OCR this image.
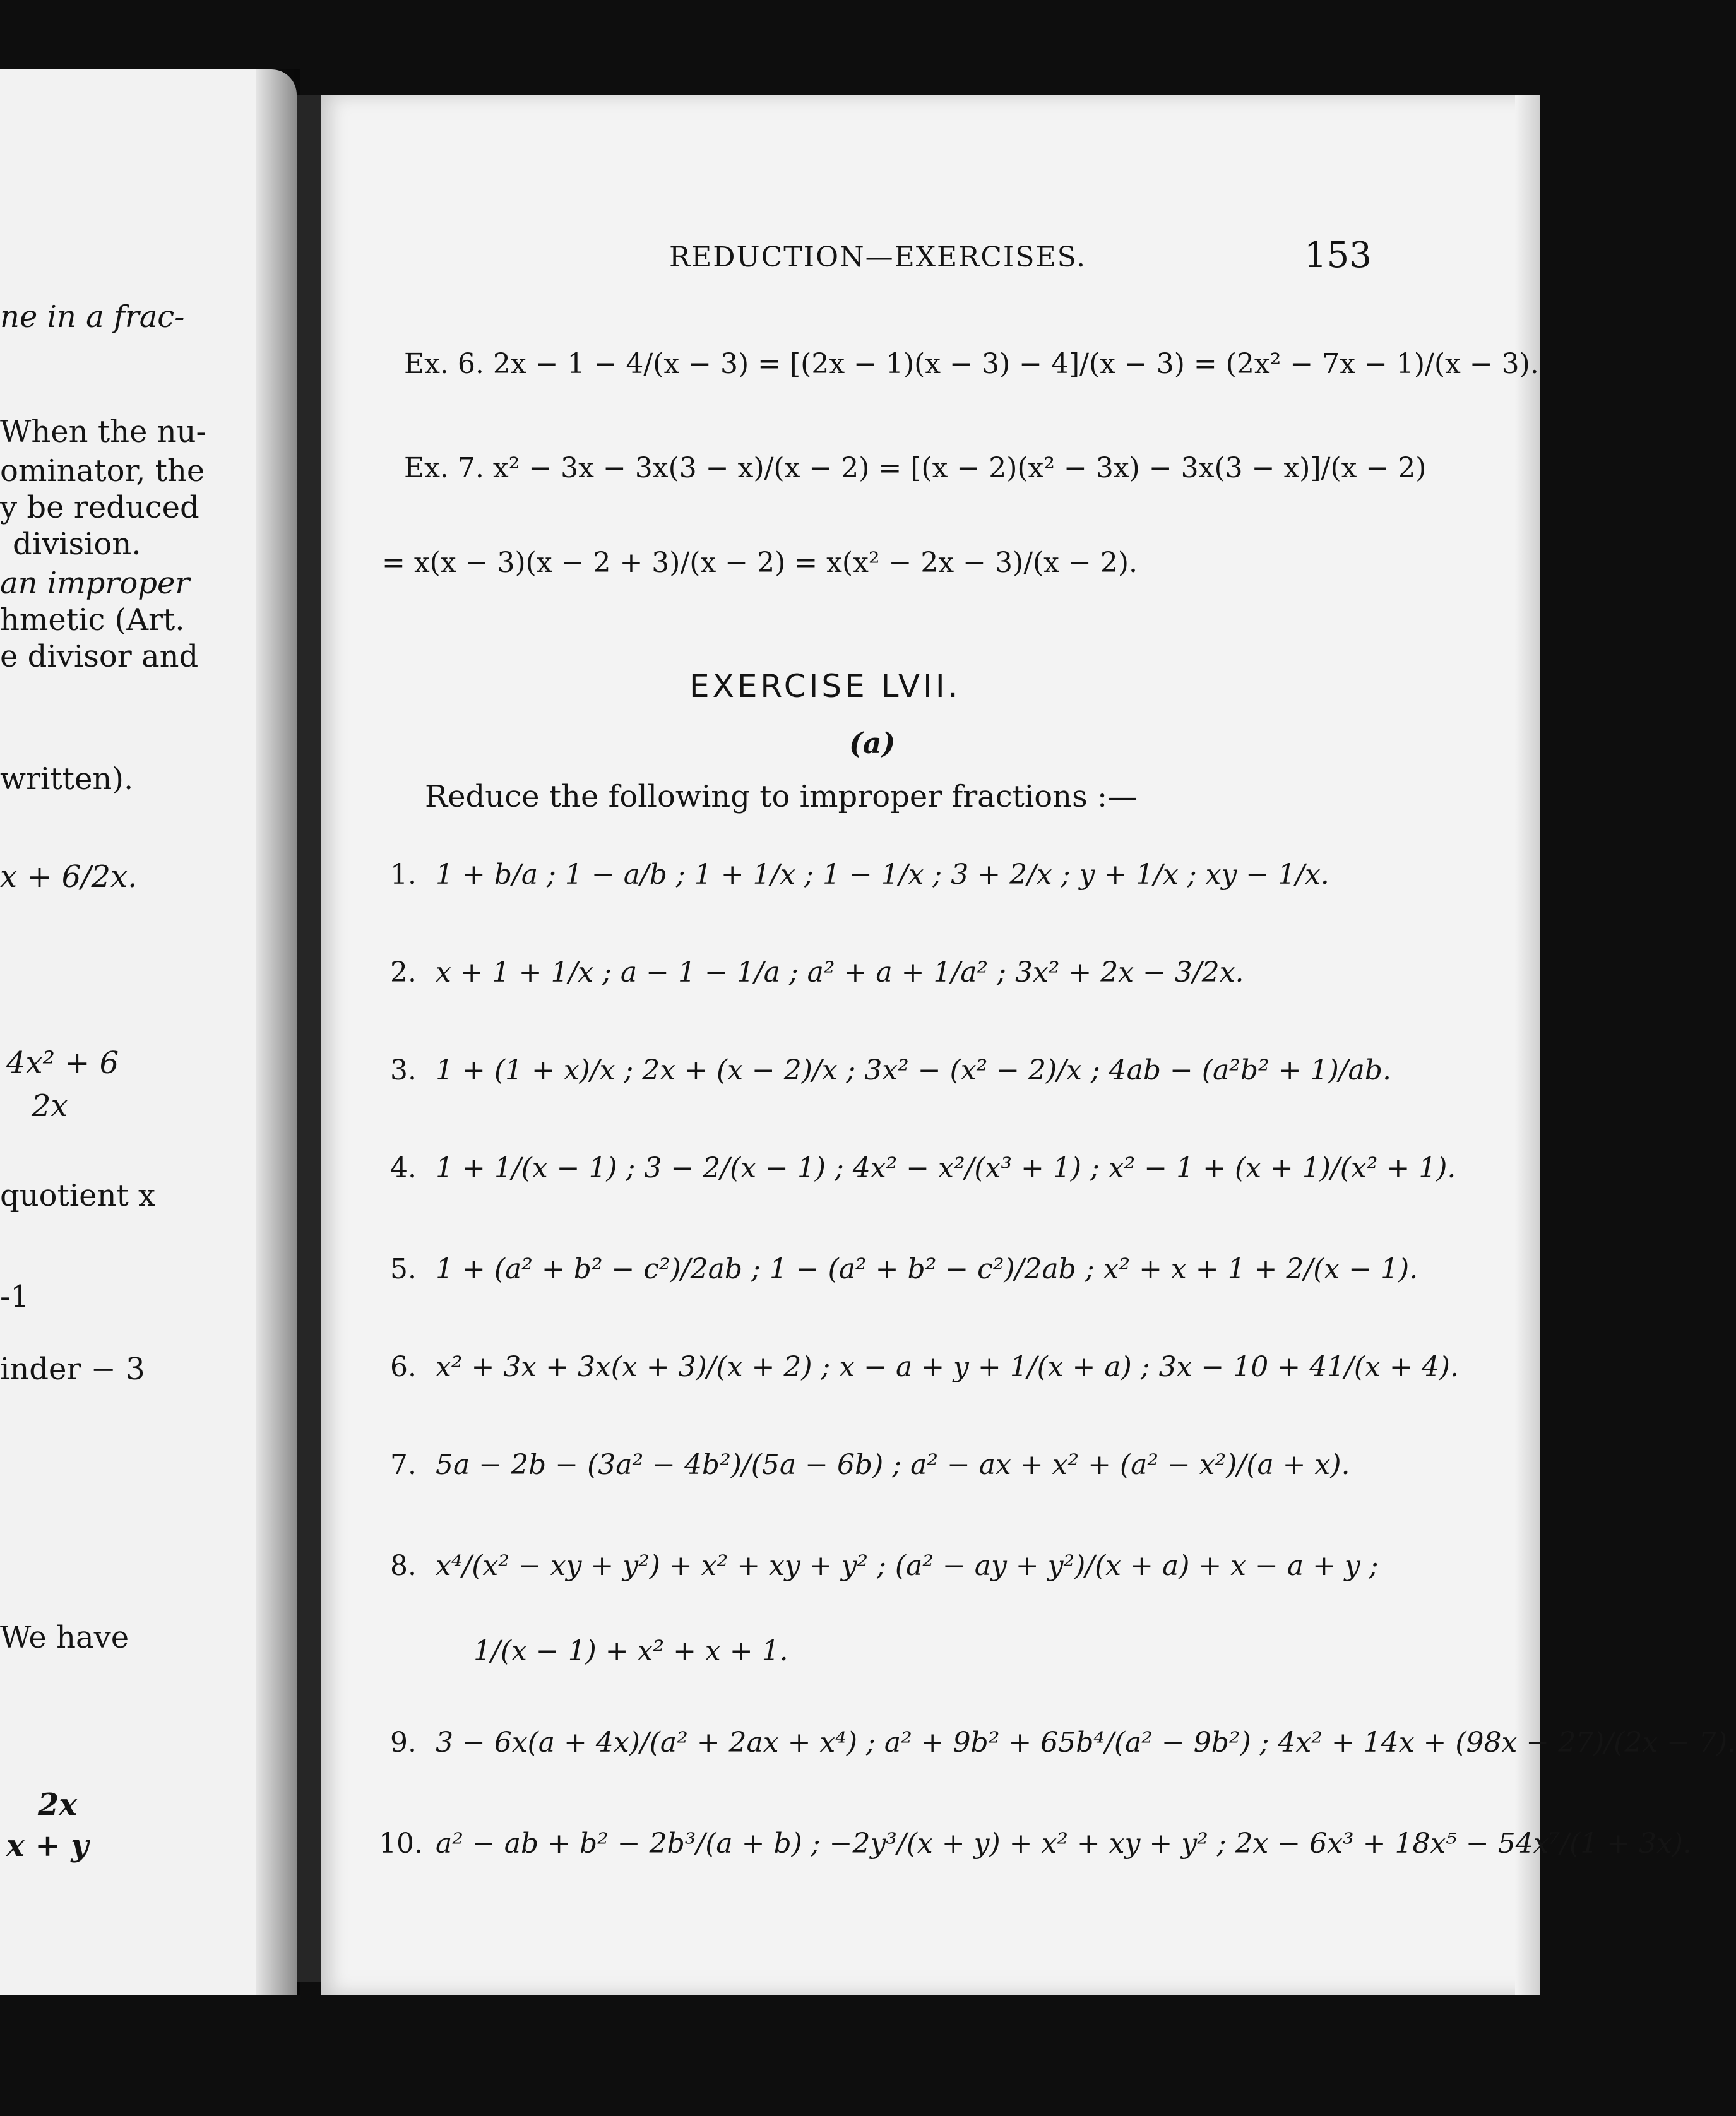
ne in a frac-
When the nu-
ominator, the
y be reduced
division.
an improper
hmetic (Art.
e divisor and
written).
x + 6/2x.
4x² + 6
2x
quotient x
-1
inder − 3
We have
2x
x + y
REDUCTION—EXERCISES.	153
Ex. 6. 2x − 1 − 4/(x − 3) = [(2x − 1)(x − 3) − 4]/(x − 3) = (2x² − 7x − 1)/(x − 3).
Ex. 7. x² − 3x − 3x(3 − x)/(x − 2) = [(x − 2)(x² − 3x) − 3x(3 − x)]/(x − 2)
= x(x − 3)(x − 2 + 3)/(x − 2) = x(x² − 2x − 3)/(x − 2).
EXERCISE LVII.
(a)
Reduce the following to improper fractions :—
1. 1 + b/a ; 1 − a/b ; 1 + 1/x ; 1 − 1/x ; 3 + 2/x ; y + 1/x ; xy − 1/x.
2. x + 1 + 1/x ; a − 1 − 1/a ; a² + a + 1/a² ; 3x² + 2x − 3/2x.
3. 1 + (1 + x)/x ; 2x + (x − 2)/x ; 3x² − (x² − 2)/x ; 4ab − (a²b² + 1)/ab.
4. 1 + 1/(x − 1) ; 3 − 2/(x − 1) ; 4x² − x²/(x³ + 1) ; x² − 1 + (x + 1)/(x² + 1).
5. 1 + (a² + b² − c²)/2ab ; 1 − (a² + b² − c²)/2ab ; x² + x + 1 + 2/(x − 1).
6. x² + 3x + 3x(x + 3)/(x + 2) ; x − a + y + 1/(x + a) ; 3x − 10 + 41/(x + 4).
7. 5a − 2b − (3a² − 4b²)/(5a − 6b) ; a² − ax + x² + (a² − x²)/(a + x).
8. x⁴/(x² − xy + y²) + x² + xy + y² ; (a² − ay + y²)/(x + a) + x − a + y ;
1/(x − 1) + x² + x + 1.
9. 3 − 6x(a + 4x)/(a² + 2ax + x⁴) ; a² + 9b² + 65b⁴/(a² − 9b²) ; 4x² + 14x + (98x − 27)/(2x − 7).
10. a² − ab + b² − 2b³/(a + b) ; −2y³/(x + y) + x² + xy + y² ; 2x − 6x³ + 18x⁵ − 54x⁷/(1 + 3x).
